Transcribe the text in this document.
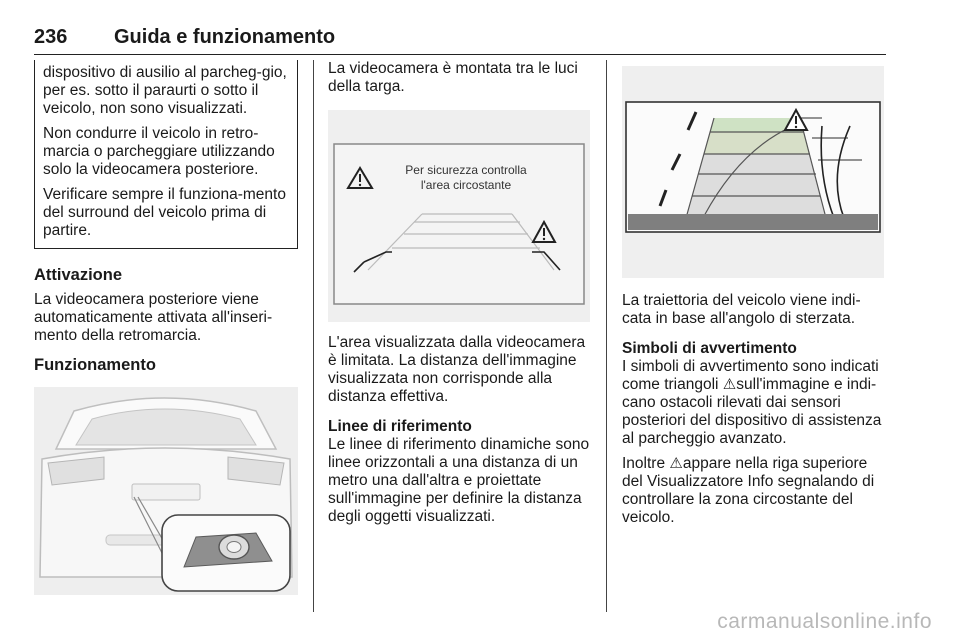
236 Guida e funzionamento

dispositivo di ausilio al parcheg-gio, per es. sotto il paraurti o sotto il veicolo, non sono visualizzati.

Non condurre il veicolo in retro-marcia o parcheggiare utilizzando solo la videocamera posteriore.

Verificare sempre il funziona-mento del surround del veicolo prima di partire.

Attivazione

La videocamera posteriore viene automaticamente attivata all'inseri-mento della retromarcia.

Funzionamento

La videocamera è montata tra le luci della targa.

Per sicurezza controlla
l'area circostante

L'area visualizzata dalla videocamera è limitata. La distanza dell'immagine visualizzata non corrisponde alla distanza effettiva.

Linee di riferimento

Le linee di riferimento dinamiche sono linee orizzontali a una distanza di un metro una dall'altra e proiettate sull'immagine per definire la distanza degli oggetti visualizzati.

La traiettoria del veicolo viene indi-cata in base all'angolo di sterzata.

Simboli di avvertimento

I simboli di avvertimento sono indicati come triangoli ⚠sull'immagine e indi-cano ostacoli rilevati dai sensori posteriori del dispositivo di assistenza al parcheggio avanzato.

Inoltre ⚠appare nella riga superiore del Visualizzatore Info segnalando di controllare la zona circostante del veicolo.

carmanualsonline.info
